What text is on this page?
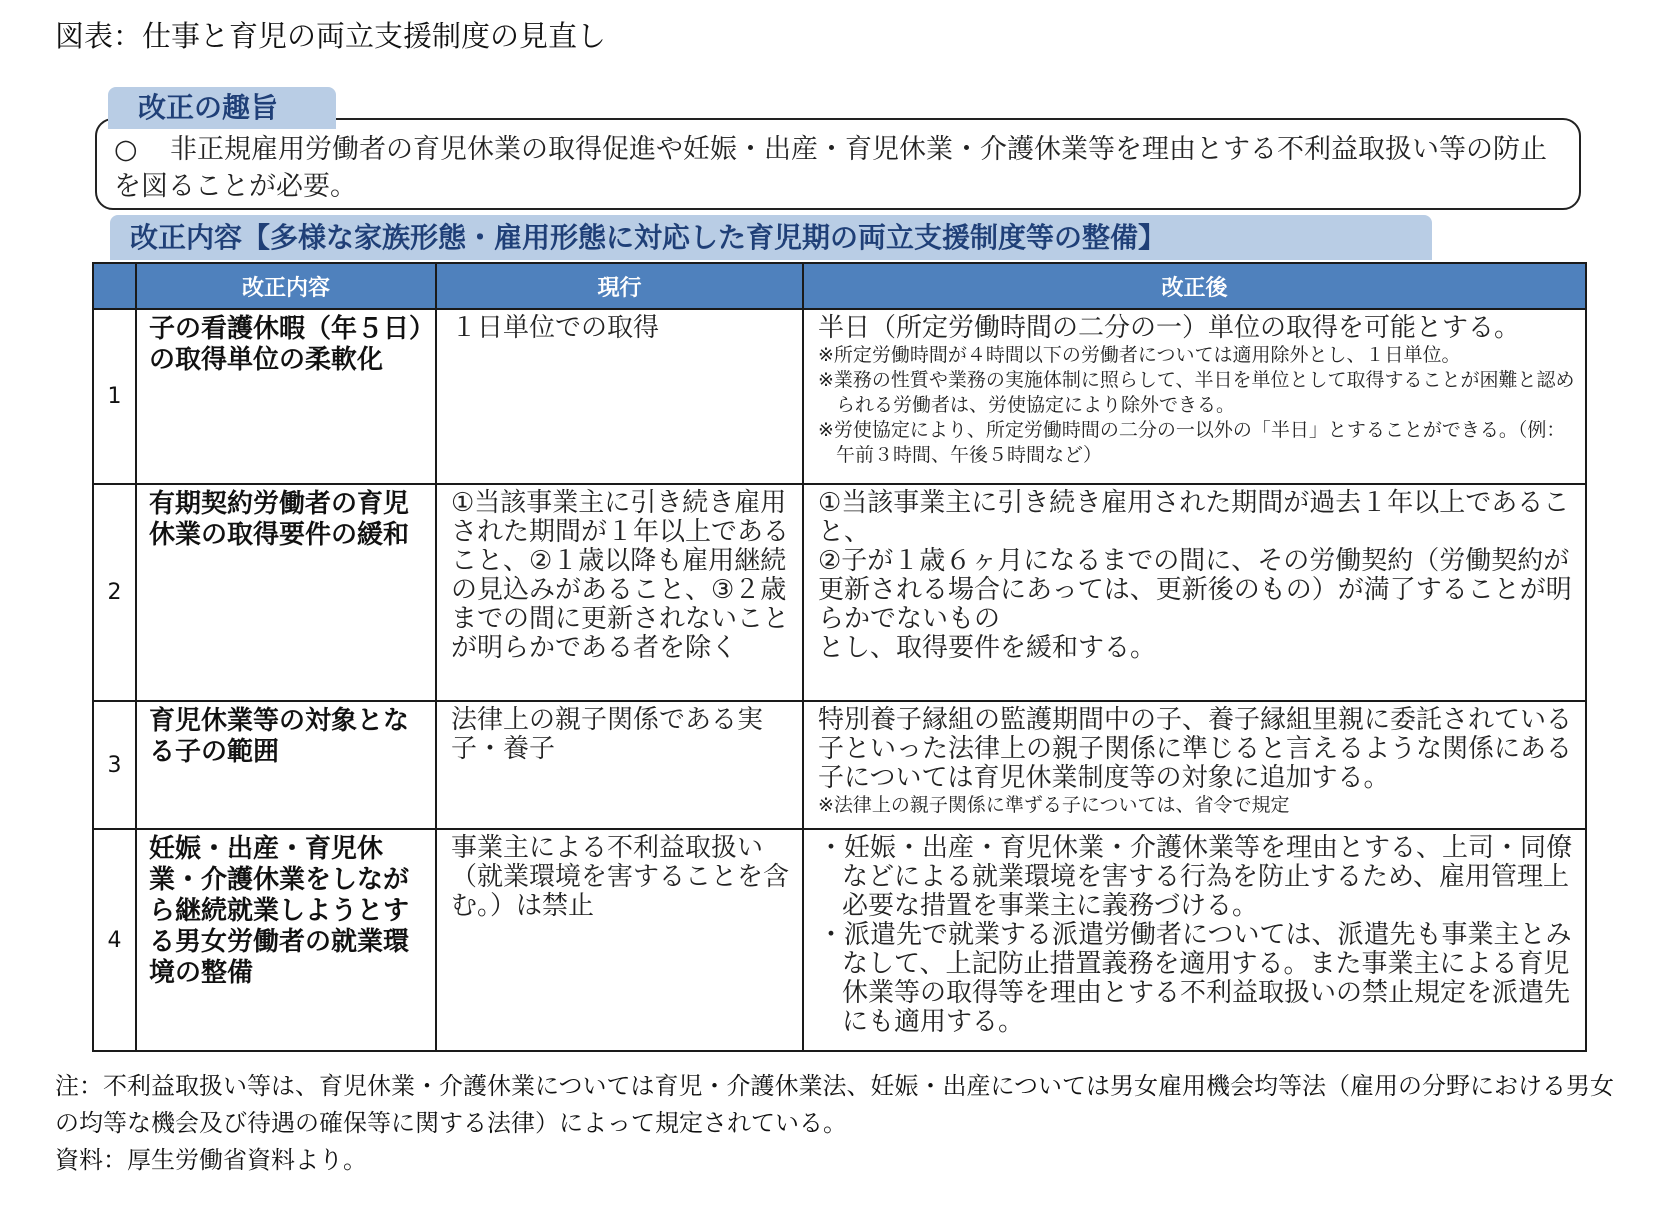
図表：仕事と育児の両立支援制度の見直し
改正の趣旨
○ 非正規雇用労働者の育児休業の取得促進や妊娠・出産・育児休業・介護休業等を理由とする不利益取扱い等の防止を図ることが必要。
改正内容【多様な家族形態・雇用形態に対応した育児期の両立支援制度等の整備】
	改正内容	現行	改正後
1	子の看護休暇（年５日）の取得単位の柔軟化	１日単位での取得	半日（所定労働時間の二分の一）単位の取得を可能とする。
※所定労働時間が４時間以下の労働者については適用除外とし、１日単位。
※業務の性質や業務の実施体制に照らして、半日を単位として取得することが困難と認められる労働者は、労使協定により除外できる。
※労使協定により、所定労働時間の二分の一以外の「半日」とすることができる。（例：午前３時間、午後５時間など）

2	有期契約労働者の育児休業の取得要件の緩和	①当該事業主に引き続き雇用された期間が１年以上であること、②１歳以降も雇用継続の見込みがあること、③２歳までの間に更新されないことが明らかである者を除く	①当該事業主に引き続き雇用された期間が過去１年以上であること、
②子が１歳６ヶ月になるまでの間に、その労働契約（労働契約が更新される場合にあっては、更新後のもの）が満了することが明らかでないもの
とし、取得要件を緩和する。

3	育児休業等の対象となる子の範囲	法律上の親子関係である実子・養子	特別養子縁組の監護期間中の子、養子縁組里親に委託されている子といった法律上の親子関係に準じると言えるような関係にある子については育児休業制度等の対象に追加する。
※法律上の親子関係に準ずる子については、省令で規定

4	妊娠・出産・育児休業・介護休業をしながら継続就業しようとする男女労働者の就業環境の整備	事業主による不利益取扱い（就業環境を害することを含む。）は禁止	・妊娠・出産・育児休業・介護休業等を理由とする、上司・同僚などによる就業環境を害する行為を防止するため、雇用管理上必要な措置を事業主に義務づける。
・派遣先で就業する派遣労働者については、派遣先も事業主とみなして、上記防止措置義務を適用する。また事業主による育児休業等の取得等を理由とする不利益取扱いの禁止規定を派遣先にも適用する。
注：不利益取扱い等は、育児休業・介護休業については育児・介護休業法、妊娠・出産については男女雇用機会均等法（雇用の分野における男女の均等な機会及び待遇の確保等に関する法律）によって規定されている。
資料：厚生労働省資料より。
